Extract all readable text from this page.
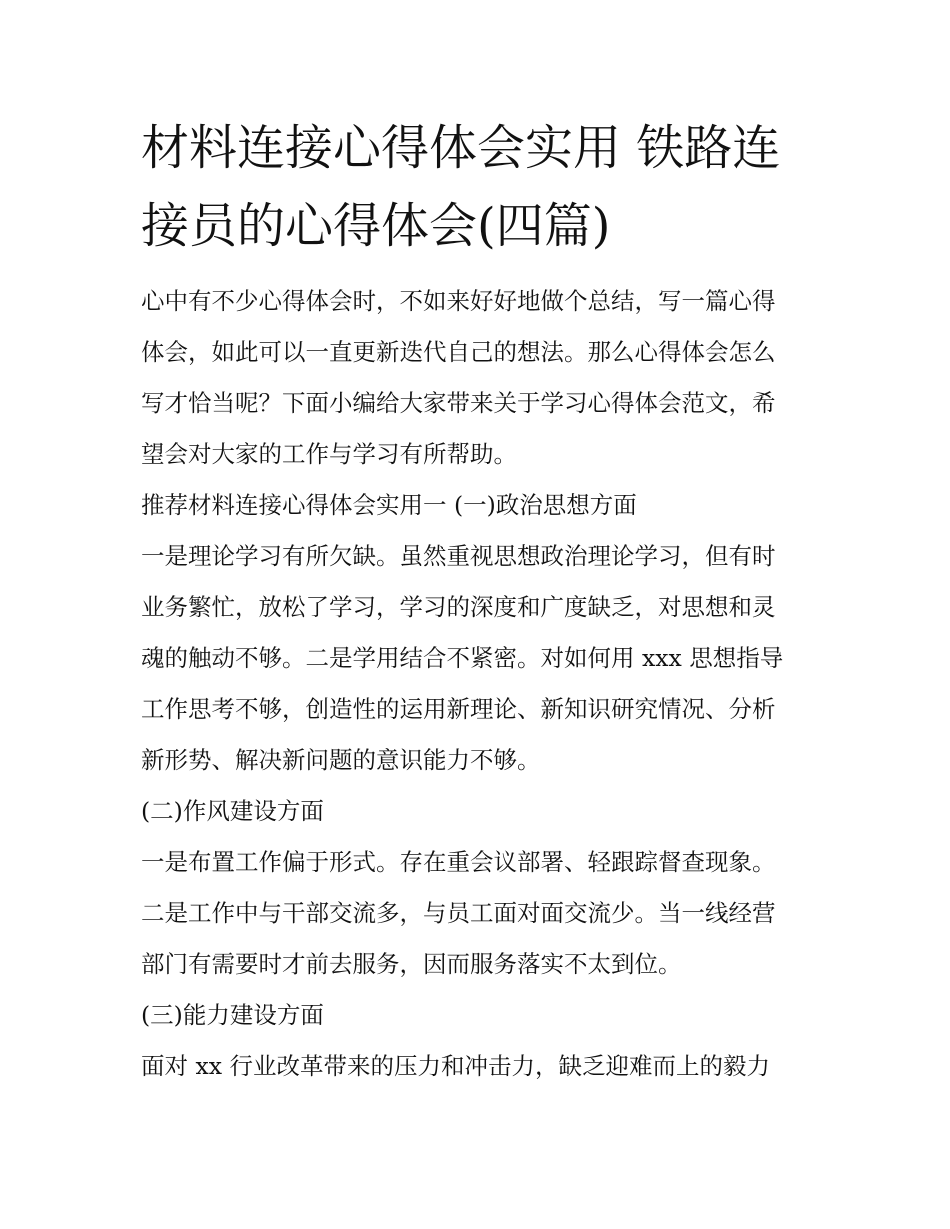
材料连接心得体会实用 铁路连
接员的心得体会(四篇)
心中有不少心得体会时，不如来好好地做个总结，写一篇心得
体会，如此可以一直更新迭代自己的想法。那么心得体会怎么
写才恰当呢？下面小编给大家带来关于学习心得体会范文，希
望会对大家的工作与学习有所帮助。
推荐材料连接心得体会实用一 (一)政治思想方面
一是理论学习有所欠缺。虽然重视思想政治理论学习，但有时
业务繁忙，放松了学习，学习的深度和广度缺乏，对思想和灵
魂的触动不够。二是学用结合不紧密。对如何用 xxx 思想指导
工作思考不够，创造性的运用新理论、新知识研究情况、分析
新形势、解决新问题的意识能力不够。
(二)作风建设方面
一是布置工作偏于形式。存在重会议部署、轻跟踪督查现象。
二是工作中与干部交流多，与员工面对面交流少。当一线经营
部门有需要时才前去服务，因而服务落实不太到位。
(三)能力建设方面
面对 xx 行业改革带来的压力和冲击力，缺乏迎难而上的毅力
